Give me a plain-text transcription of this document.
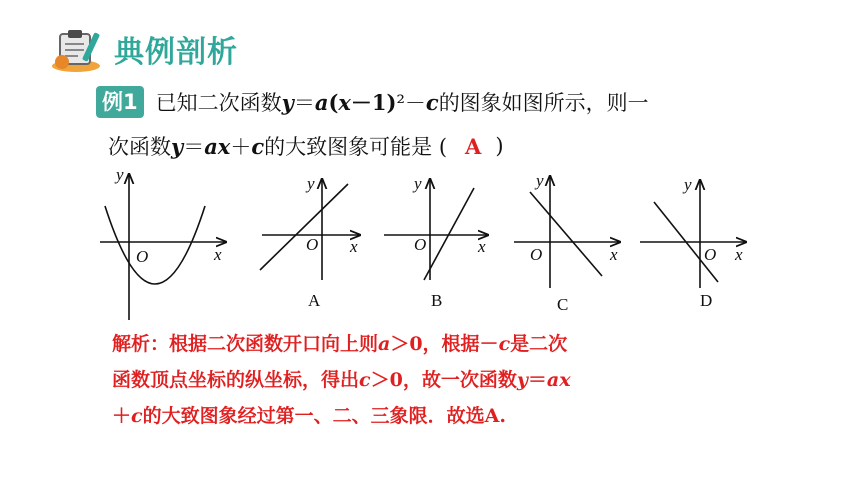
典例剖析
例1 已知二次函数 y＝a(x－1)²－c 的图象如图所示，则一
次函数 y＝ax＋c 的大致图象可能是 ( A )
y
x
O
y
x
O
A
y
x
O
B
y
x
O
C
y
x
O
D
解析：根据二次函数开口向上则a＞0，根据－c是二次
函数顶点坐标的纵坐标，得出c＞0，故一次函数y＝ax
＋c的大致图象经过第一、二、三象限．故选A.
